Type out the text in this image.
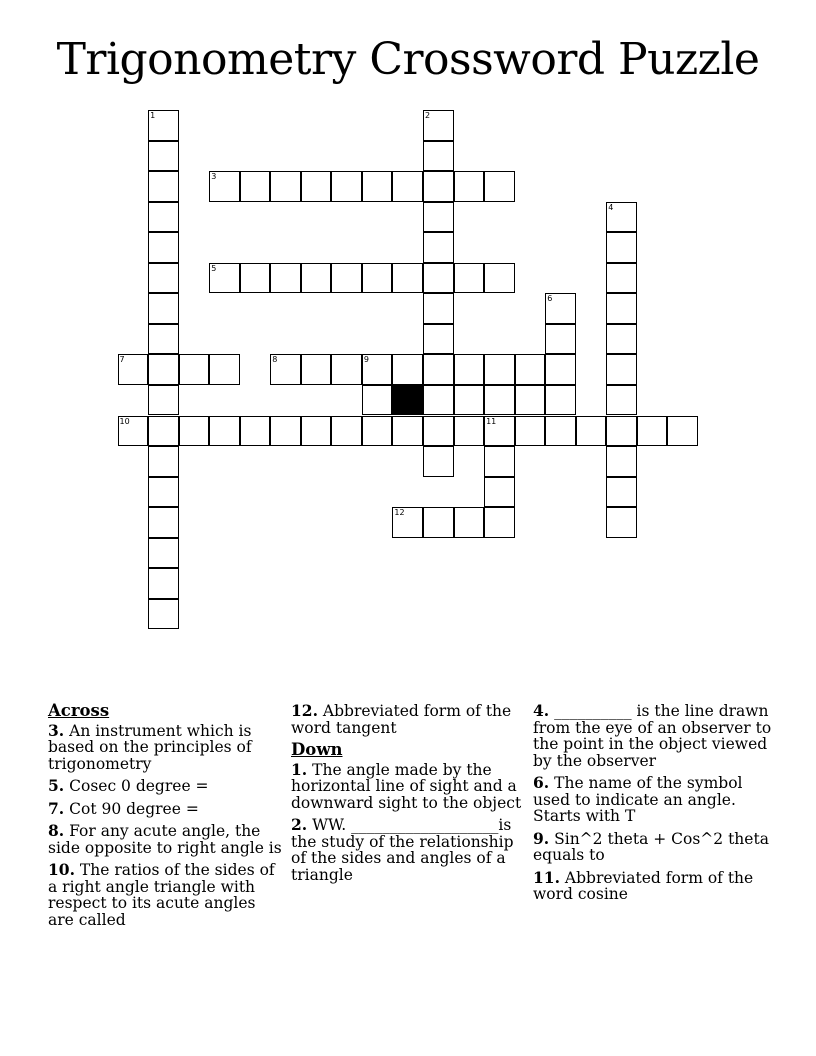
Trigonometry Crossword Puzzle
1	2
3
4
5
6
7	8	9
10	11
12
Across
3. An instrument which is based on the principles of trigonometry
5. Cosec 0 degree =
7. Cot 90 degree =
8. For any acute angle, the side opposite to right angle is
10. The ratios of the sides of a right angle triangle with respect to its acute angles are called
12. Abbreviated form of the word tangent
Down
1. The angle made by the horizontal line of sight and a downward sight to the object
2. WW. ___________________is the study of the relationship of the sides and angles of a triangle
4. __________ is the line drawn from the eye of an observer to the point in the object viewed by the observer
6. The name of the symbol used to indicate an angle. Starts with T
9. Sin^2 theta + Cos^2 theta equals to
11. Abbreviated form of the word cosine
